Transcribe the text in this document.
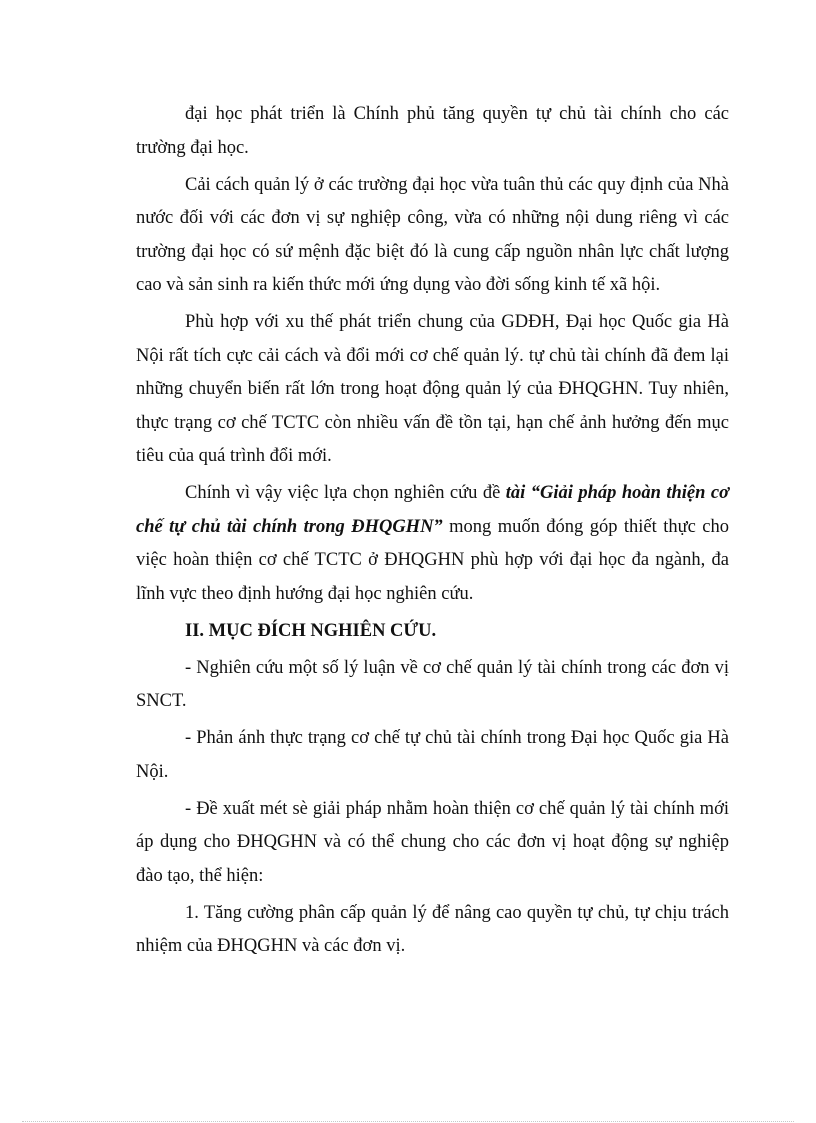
đại học phát triển là Chính phủ tăng quyền tự chủ tài chính cho các trường đại học.

Cải cách quản lý ở các trường đại học vừa tuân thủ các quy định của Nhà nước đối với các đơn vị sự nghiệp công, vừa có những nội dung riêng vì các trường đại học có sứ mệnh đặc biệt đó là cung cấp nguồn nhân lực chất lượng cao và sản sinh ra kiến thức mới ứng dụng vào đời sống kinh tế xã hội.

Phù hợp với xu thế phát triển chung của GDĐH, Đại học Quốc gia Hà Nội rất tích cực cải cách và đổi mới cơ chế quản lý. tự chủ tài chính đã đem lại những chuyển biến rất lớn trong hoạt động quản lý của ĐHQGHN. Tuy nhiên, thực trạng cơ chế TCTC còn nhiều vấn đề tồn tại, hạn chế ảnh hưởng đến mục tiêu của quá trình đổi mới.

Chính vì vậy việc lựa chọn nghiên cứu đề tài “Giải pháp hoàn thiện cơ chế tự chủ tài chính trong ĐHQGHN” mong muốn đóng góp thiết thực cho việc hoàn thiện cơ chế TCTC ở ĐHQGHN phù hợp với đại học đa ngành, đa lĩnh vực theo định hướng đại học nghiên cứu.

II. MỤC ĐÍCH NGHIÊN CỨU.

- Nghiên cứu một số lý luận về cơ chế quản lý tài chính trong các đơn vị SNCT.

- Phản ánh thực trạng cơ chế tự chủ tài chính trong Đại học Quốc gia Hà Nội.

- Đề xuất mét sè giải pháp nhằm hoàn thiện cơ chế quản lý tài chính mới áp dụng cho ĐHQGHN và có thể chung cho các đơn vị hoạt động sự nghiệp đào tạo, thể hiện:

1. Tăng cường phân cấp quản lý để nâng cao quyền tự chủ, tự chịu trách nhiệm của ĐHQGHN và các đơn vị.
